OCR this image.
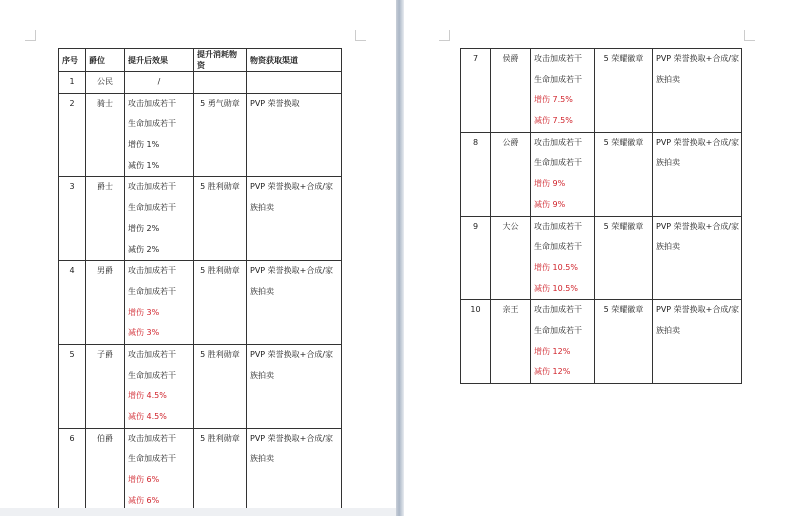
序号	爵位	提升后效果	提升消耗物资	物资获取渠道

1	公民	/		

2	骑士	攻击加成若干
生命加成若干
增伤 1%
减伤 1%	5 勇气勋章	PVP 荣誉换取

3	爵士	攻击加成若干
生命加成若干
增伤 2%
减伤 2%	5 胜利勋章	PVP 荣誉换取+合成/家
族拍卖

4	男爵	攻击加成若干
生命加成若干
增伤 3%
减伤 3%	5 胜利勋章	PVP 荣誉换取+合成/家
族拍卖

5	子爵	攻击加成若干
生命加成若干
增伤 4.5%
减伤 4.5%	5 胜利勋章	PVP 荣誉换取+合成/家
族拍卖

6	伯爵	攻击加成若干
生命加成若干
增伤 6%
减伤 6%	5 胜利勋章	PVP 荣誉换取+合成/家
族拍卖
7	侯爵	攻击加成若干
生命加成若干
增伤 7.5%
减伤 7.5%	5 荣耀徽章	PVP 荣誉换取+合成/家
族拍卖

8	公爵	攻击加成若干
生命加成若干
增伤 9%
减伤 9%	5 荣耀徽章	PVP 荣誉换取+合成/家
族拍卖

9	大公	攻击加成若干
生命加成若干
增伤 10.5%
减伤 10.5%	5 荣耀徽章	PVP 荣誉换取+合成/家
族拍卖

10	亲王	攻击加成若干
生命加成若干
增伤 12%
减伤 12%	5 荣耀徽章	PVP 荣誉换取+合成/家
族拍卖
